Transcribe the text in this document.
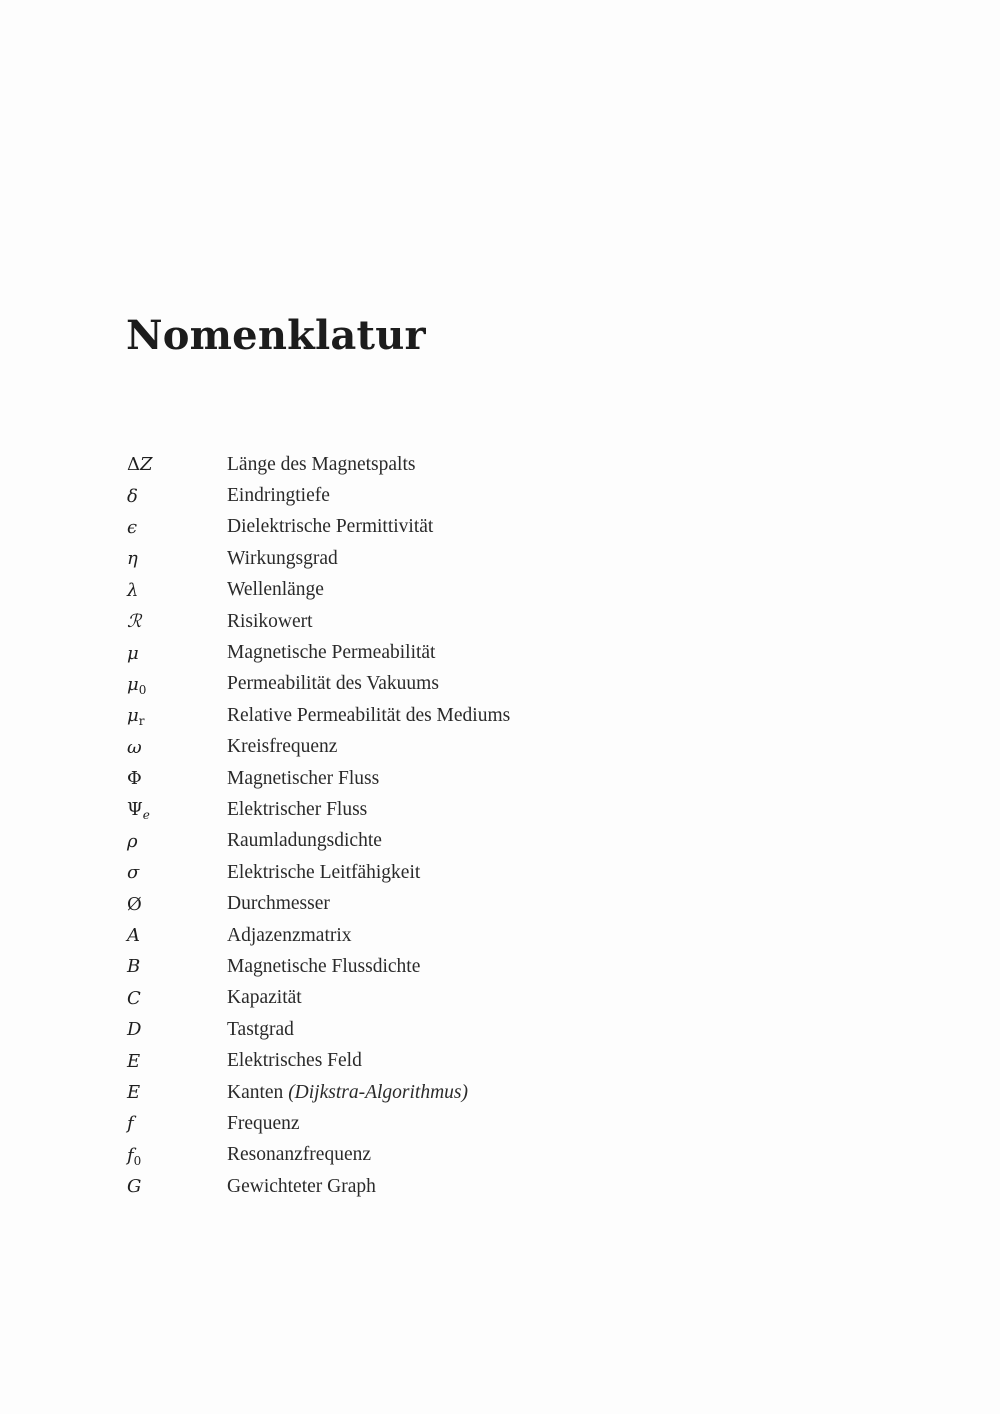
Nomenklatur
ΔZ	Länge des Magnetspalts
δ	Eindringtiefe
ϵ	Dielektrische Permittivität
η	Wirkungsgrad
λ	Wellenlänge
ℛ	Risikowert
μ	Magnetische Permeabilität
$\mu_0$	Permeabilität des Vakuums
$\mu_r$	Relative Permeabilität des Mediums
ω	Kreisfrequenz
Φ	Magnetischer Fluss
$\Psi_e$	Elektrischer Fluss
ρ	Raumladungsdichte
σ	Elektrische Leitfähigkeit
Ø	Durchmesser
A	Adjazenzmatrix
B	Magnetische Flussdichte
C	Kapazität
D	Tastgrad
E	Elektrisches Feld
E	Kanten (Dijkstra-Algorithmus)
f	Frequenz
$f_0$	Resonanzfrequenz
G	Gewichteter Graph
